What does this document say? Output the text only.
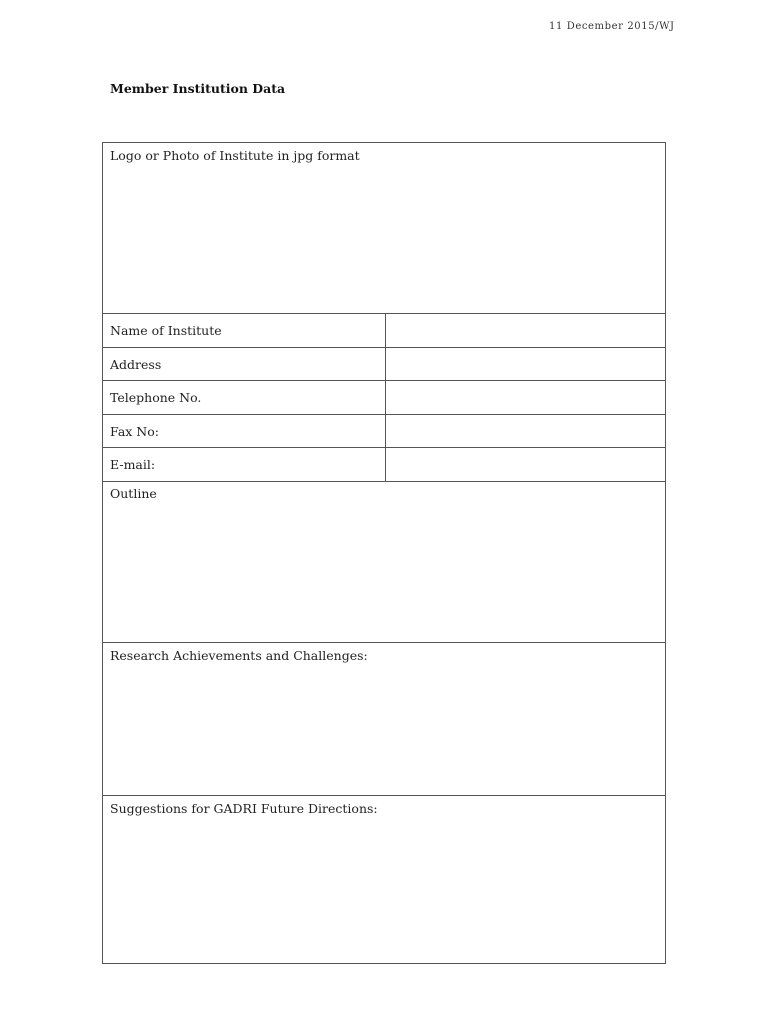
11 December 2015/WJ
Member Institution Data
Logo or Photo of Institute in jpg format
Name of Institute
Address
Telephone No.
Fax No:
E-mail:
Outline
Research Achievements and Challenges:
Suggestions for GADRI Future Directions:
